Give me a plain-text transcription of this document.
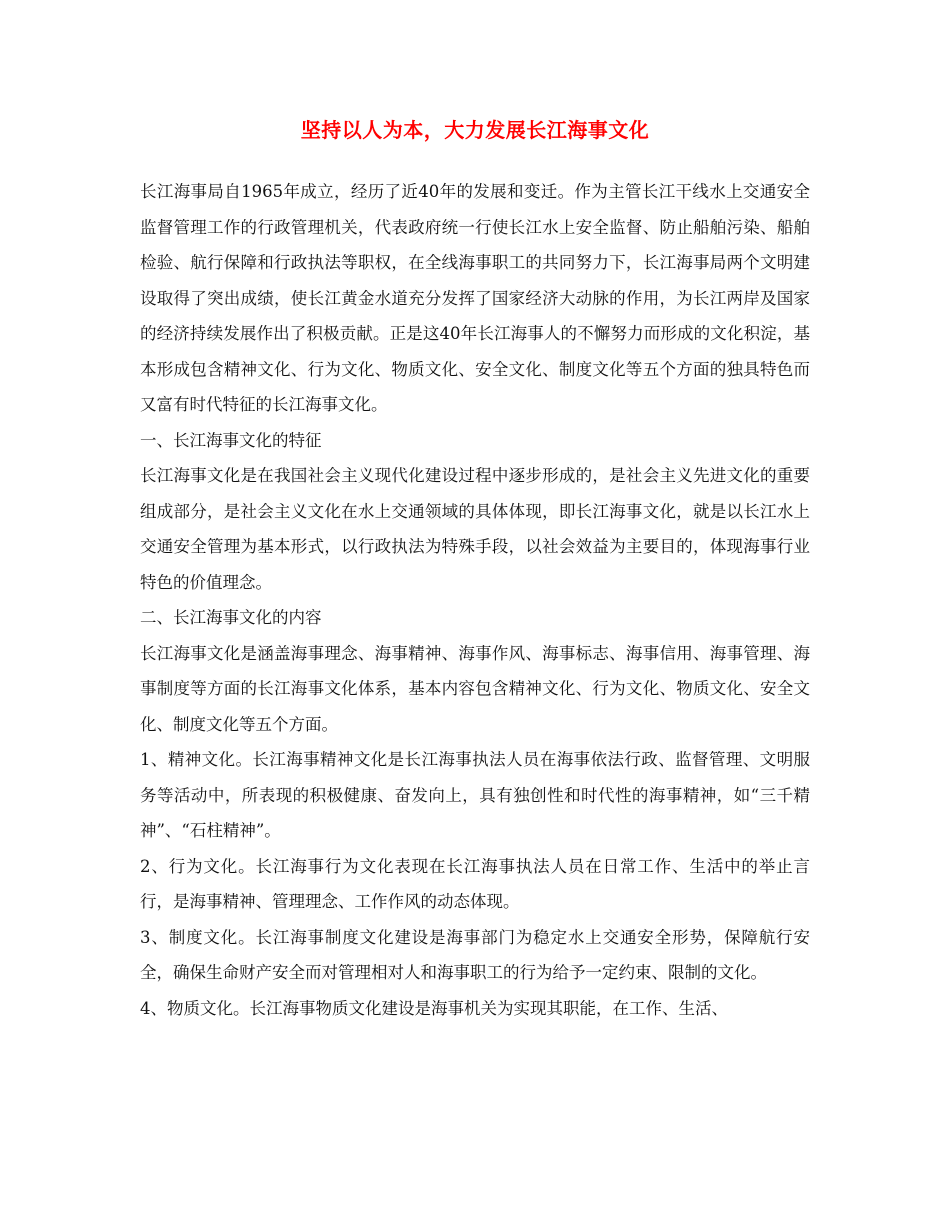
坚持以人为本，大力发展长江海事文化

长江海事局自1965年成立，经历了近40年的发展和变迁。作为主管长江干线水上交通安全监督管理工作的行政管理机关，代表政府统一行使长江水上安全监督、防止船舶污染、船舶检验、航行保障和行政执法等职权，在全线海事职工的共同努力下，长江海事局两个文明建设取得了突出成绩，使长江黄金水道充分发挥了国家经济大动脉的作用，为长江两岸及国家的经济持续发展作出了积极贡献。正是这40年长江海事人的不懈努力而形成的文化积淀，基本形成包含精神文化、行为文化、物质文化、安全文化、制度文化等五个方面的独具特色而又富有时代特征的长江海事文化。

一、长江海事文化的特征

长江海事文化是在我国社会主义现代化建设过程中逐步形成的，是社会主义先进文化的重要组成部分，是社会主义文化在水上交通领域的具体体现，即长江海事文化，就是以长江水上交通安全管理为基本形式，以行政执法为特殊手段，以社会效益为主要目的，体现海事行业特色的价值理念。

二、长江海事文化的内容

长江海事文化是涵盖海事理念、海事精神、海事作风、海事标志、海事信用、海事管理、海事制度等方面的长江海事文化体系，基本内容包含精神文化、行为文化、物质文化、安全文化、制度文化等五个方面。

1、精神文化。长江海事精神文化是长江海事执法人员在海事依法行政、监督管理、文明服务等活动中，所表现的积极健康、奋发向上，具有独创性和时代性的海事精神，如“三千精神”、“石柱精神”。

2、行为文化。长江海事行为文化表现在长江海事执法人员在日常工作、生活中的举止言行，是海事精神、管理理念、工作作风的动态体现。

3、制度文化。长江海事制度文化建设是海事部门为稳定水上交通安全形势，保障航行安全，确保生命财产安全而对管理相对人和海事职工的行为给予一定约束、限制的文化。

4、物质文化。长江海事物质文化建设是海事机关为实现其职能，在工作、生活、
